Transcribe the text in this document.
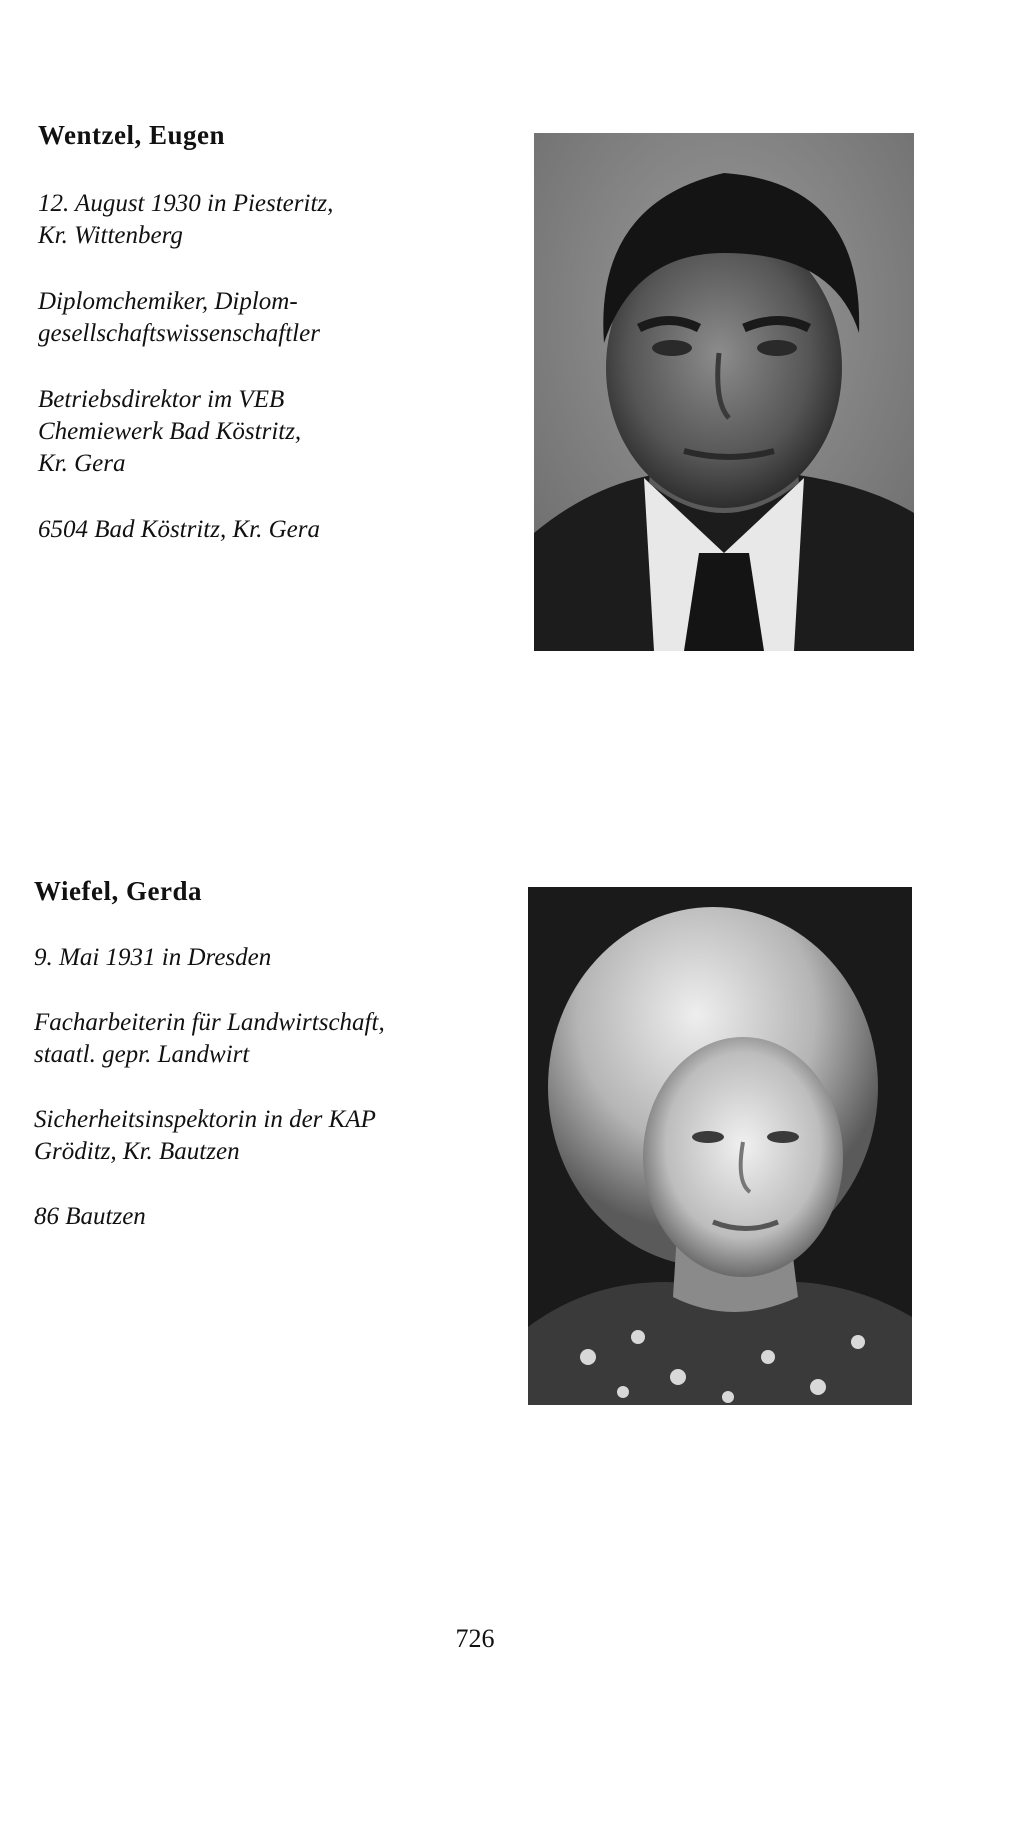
Wentzel, Eugen
12. August 1930 in Piesteritz,
Kr. Wittenberg
Diplomchemiker, Diplom-
gesellschaftswissenschaftler
Betriebsdirektor im VEB
Chemiewerk Bad Köstritz,
Kr. Gera
6504 Bad Köstritz, Kr. Gera
Wiefel, Gerda
9. Mai 1931 in Dresden
Facharbeiterin für Landwirtschaft,
staatl. gepr. Landwirt
Sicherheitsinspektorin in der KAP
Gröditz, Kr. Bautzen
86 Bautzen
726
